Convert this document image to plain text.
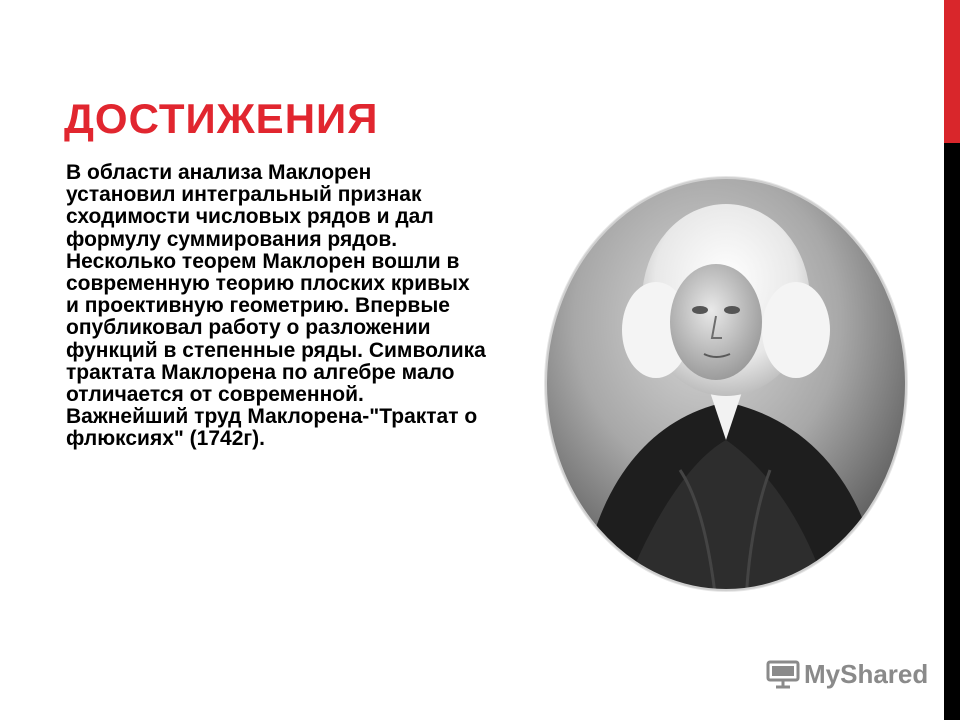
ДОСТИЖЕНИЯ

В области анализа Маклорен установил интегральный признак сходимости числовых рядов и дал формулу суммирования рядов. Несколько теорем Маклорен вошли в современную теорию плоских кривых и проективную геометрию. Впервые опубликовал работу о разложении функций в степенные ряды. Символика трактата Маклорена по алгебре мало отличается от современной. Важнейший труд Маклорена-"Трактат о флюксиях" (1742г).

MyShared
